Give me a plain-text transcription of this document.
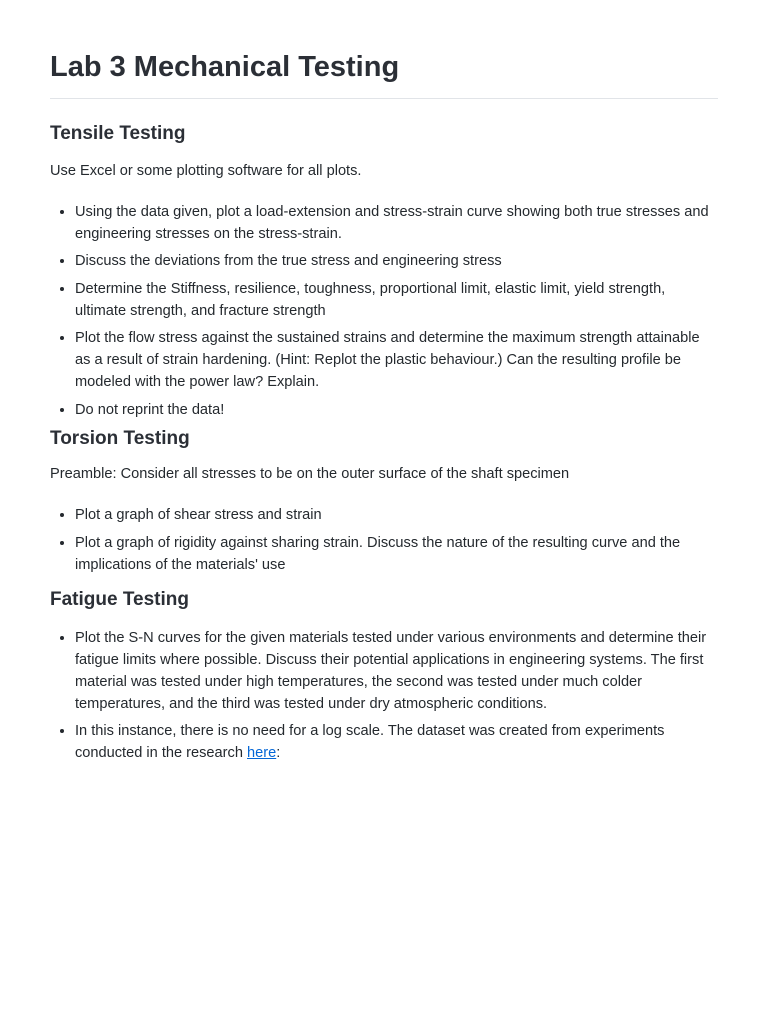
Lab 3 Mechanical Testing
Tensile Testing

Use Excel or some plotting software for all plots.

• Using the data given, plot a load-extension and stress-strain curve showing both true stresses and engineering stresses on the stress-strain.
• Discuss the deviations from the true stress and engineering stress
• Determine the Stiffness, resilience, toughness, proportional limit, elastic limit, yield strength, ultimate strength, and fracture strength
• Plot the flow stress against the sustained strains and determine the maximum strength attainable as a result of strain hardening. (Hint: Replot the plastic behaviour.) Can the resulting profile be modeled with the power law? Explain.
• Do not reprint the data!
Torsion Testing

Preamble: Consider all stresses to be on the outer surface of the shaft specimen

• Plot a graph of shear stress and strain
• Plot a graph of rigidity against sharing strain. Discuss the nature of the resulting curve and the implications of the materials' use
Fatigue Testing
• Plot the S-N curves for the given materials tested under various environments and determine their fatigue limits where possible. Discuss their potential applications in engineering systems. The first material was tested under high temperatures, the second was tested under much colder temperatures, and the third was tested under dry atmospheric conditions.
• In this instance, there is no need for a log scale. The dataset was created from experiments conducted in the research here:
